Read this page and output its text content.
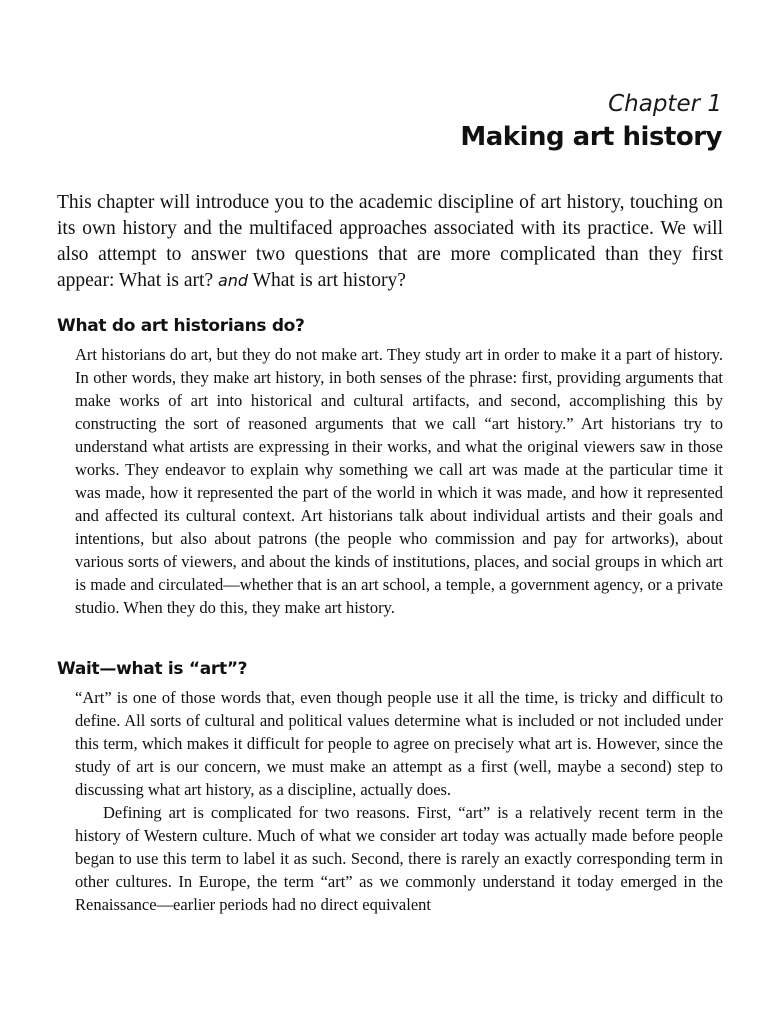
Chapter 1
Making art history

This chapter will introduce you to the academic discipline of art history, touching on its own history and the multifaced approaches associated with its practice. We will also attempt to answer two questions that are more complicated than they first appear: What is art? and What is art history?

What do art historians do?

Art historians do art, but they do not make art. They study art in order to make it a part of history. In other words, they make art history, in both senses of the phrase: first, providing arguments that make works of art into historical and cultural artifacts, and second, accomplishing this by constructing the sort of reasoned arguments that we call “art history.” Art historians try to understand what artists are expressing in their works, and what the original viewers saw in those works. They endeavor to explain why something we call art was made at the particular time it was made, how it represented the part of the world in which it was made, and how it represented and affected its cultural context. Art historians talk about individual artists and their goals and intentions, but also about patrons (the people who commission and pay for artworks), about various sorts of viewers, and about the kinds of institutions, places, and social groups in which art is made and circulated—whether that is an art school, a temple, a government agency, or a private studio. When they do this, they make art history.

Wait—what is “art”?

“Art” is one of those words that, even though people use it all the time, is tricky and difficult to define. All sorts of cultural and political values determine what is included or not included under this term, which makes it difficult for people to agree on precisely what art is. However, since the study of art is our concern, we must make an attempt as a first (well, maybe a second) step to discussing what art history, as a discipline, actually does.

Defining art is complicated for two reasons. First, “art” is a relatively recent term in the history of Western culture. Much of what we consider art today was actually made before people began to use this term to label it as such. Second, there is rarely an exactly corresponding term in other cultures. In Europe, the term “art” as we commonly understand it today emerged in the Renaissance—earlier periods had no direct equivalent
